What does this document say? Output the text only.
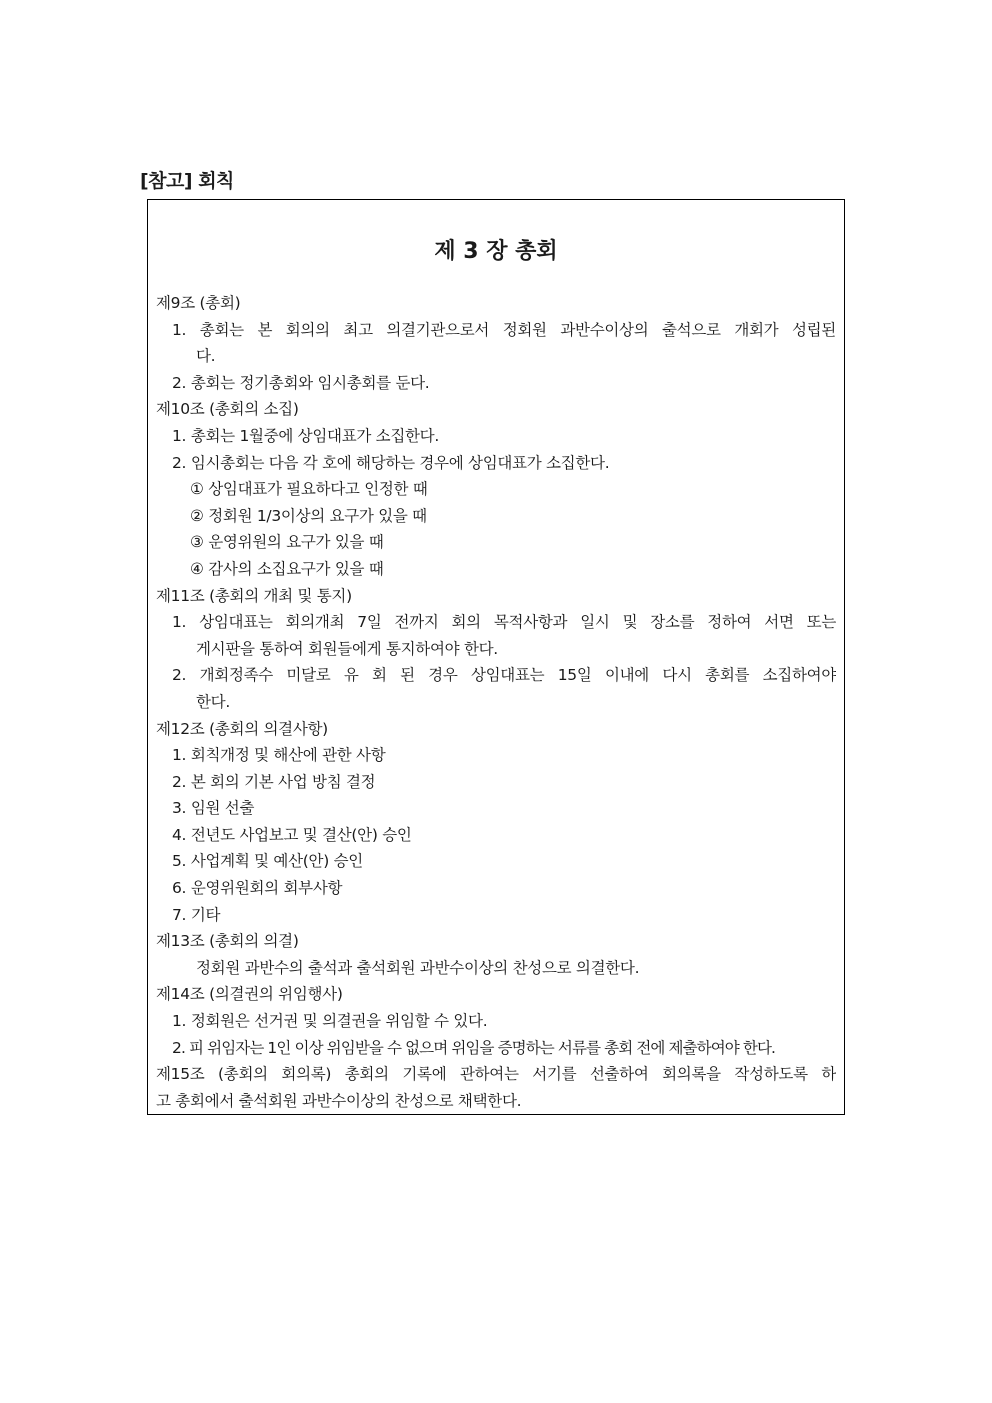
[참고] 회칙
제 3 장 총회
제9조 (총회)
1. 총회는 본 회의의 최고 의결기관으로서 정회원 과반수이상의 출석으로 개회가 성립된
다.
2. 총회는 정기총회와 임시총회를 둔다.
제10조 (총회의 소집)
1. 총회는 1월중에 상임대표가 소집한다.
2. 임시총회는 다음 각 호에 해당하는 경우에 상임대표가 소집한다.
① 상임대표가 필요하다고 인정한 때
② 정회원 1/3이상의 요구가 있을 때
③ 운영위원의 요구가 있을 때
④ 감사의 소집요구가 있을 때
제11조 (총회의 개최 및 통지)
1. 상임대표는 회의개최 7일 전까지 회의 목적사항과 일시 및 장소를 정하여 서면 또는
게시판을 통하여 회원들에게 통지하여야 한다.
2. 개회정족수 미달로 유 회 된 경우 상임대표는 15일 이내에 다시 총회를 소집하여야
한다.
제12조 (총회의 의결사항)
1. 회칙개정 및 해산에 관한 사항
2. 본 회의 기본 사업 방침 결정
3. 임원 선출
4. 전년도 사업보고 및 결산(안) 승인
5. 사업계획 및 예산(안) 승인
6. 운영위원회의 회부사항
7. 기타
제13조 (총회의 의결)
정회원 과반수의 출석과 출석회원 과반수이상의 찬성으로 의결한다.
제14조 (의결권의 위임행사)
1. 정회원은 선거권 및 의결권을 위임할 수 있다.
2. 피 위임자는 1인 이상 위임받을 수 없으며 위임을 증명하는 서류를 총회 전에 제출하여야 한다.
제15조 (총회의 회의록) 총회의 기록에 관하여는 서기를 선출하여 회의록을 작성하도록 하
고 총회에서 출석회원 과반수이상의 찬성으로 채택한다.
